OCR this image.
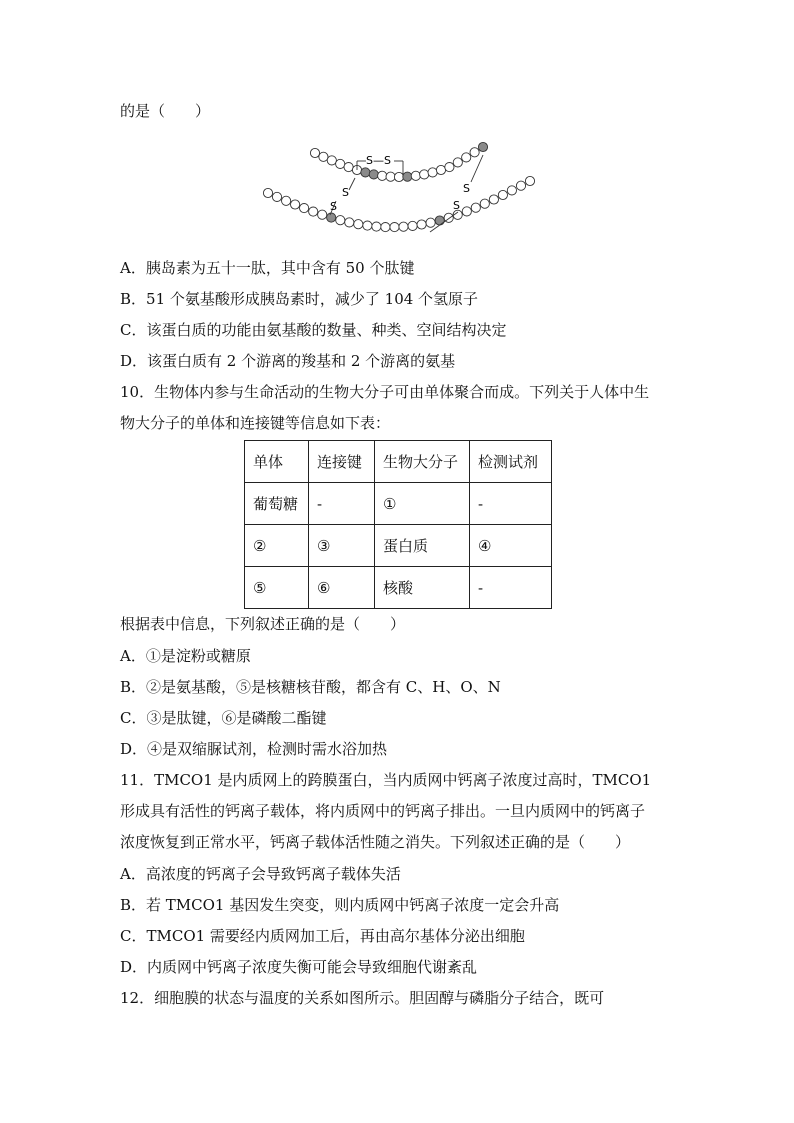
的是（　　）
S—S
S
S
S
S
A．胰岛素为五十一肽，其中含有 50 个肽键
B．51 个氨基酸形成胰岛素时，减少了 104 个氢原子
C．该蛋白质的功能由氨基酸的数量、种类、空间结构决定
D．该蛋白质有 2 个游离的羧基和 2 个游离的氨基
10．生物体内参与生命活动的生物大分子可由单体聚合而成。下列关于人体中生
物大分子的单体和连接键等信息如下表：
单体	连接键	生物大分子	检测试剂
葡萄糖	-	①	-
②	③	蛋白质	④
⑤	⑥	核酸	-
根据表中信息，下列叙述正确的是（　　）
A．①是淀粉或糖原
B．②是氨基酸，⑤是核糖核苷酸，都含有 C、H、O、N
C．③是肽键，⑥是磷酸二酯键
D．④是双缩脲试剂，检测时需水浴加热
11．TMCO1 是内质网上的跨膜蛋白，当内质网中钙离子浓度过高时，TMCO1
形成具有活性的钙离子载体，将内质网中的钙离子排出。一旦内质网中的钙离子
浓度恢复到正常水平，钙离子载体活性随之消失。下列叙述正确的是（　　）
A．高浓度的钙离子会导致钙离子载体失活
B．若 TMCO1 基因发生突变，则内质网中钙离子浓度一定会升高
C．TMCO1 需要经内质网加工后，再由高尔基体分泌出细胞
D．内质网中钙离子浓度失衡可能会导致细胞代谢紊乱
12．细胞膜的状态与温度的关系如图所示。胆固醇与磷脂分子结合，既可
